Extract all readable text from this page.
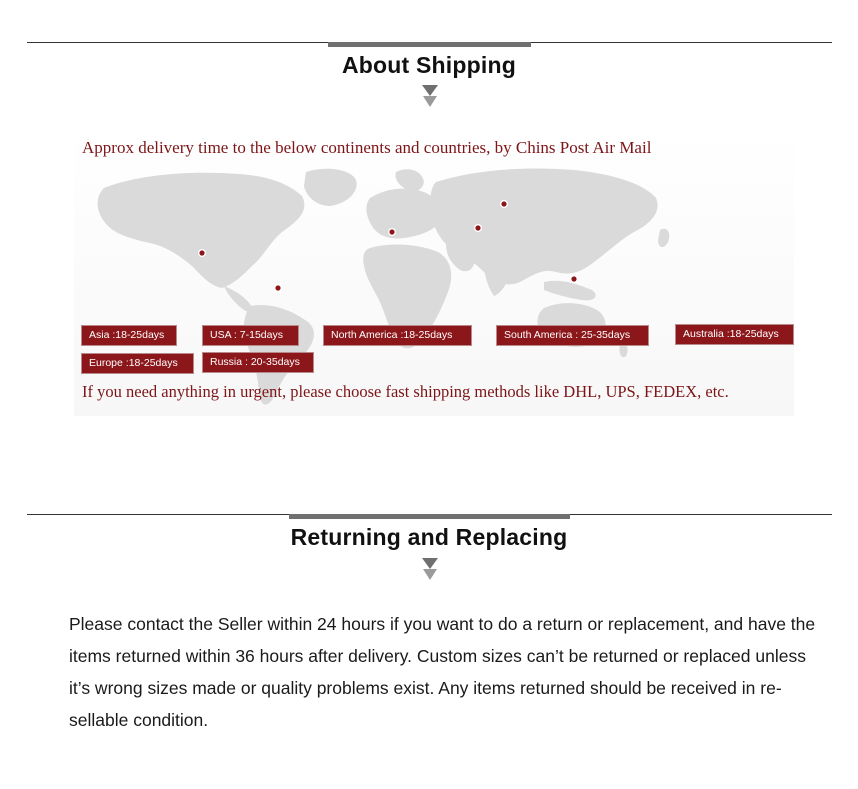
About Shipping
Approx delivery time to the below continents and countries, by Chins Post Air Mail
Asia :18-25days	USA : 7-15days	North America :18-25days	South America : 25-35days	Australia :18-25days
Europe :18-25days	Russia : 20-35days
If you need anything in urgent, please choose fast shipping methods like DHL, UPS, FEDEX, etc.
Returning and Replacing
Please contact the Seller within 24 hours if you want to do a return or replacement, and have the items returned within 36 hours after delivery. Custom sizes can’t be returned or replaced unless it’s wrong sizes made or quality problems exist. Any items returned should be received in re-sellable condition.
